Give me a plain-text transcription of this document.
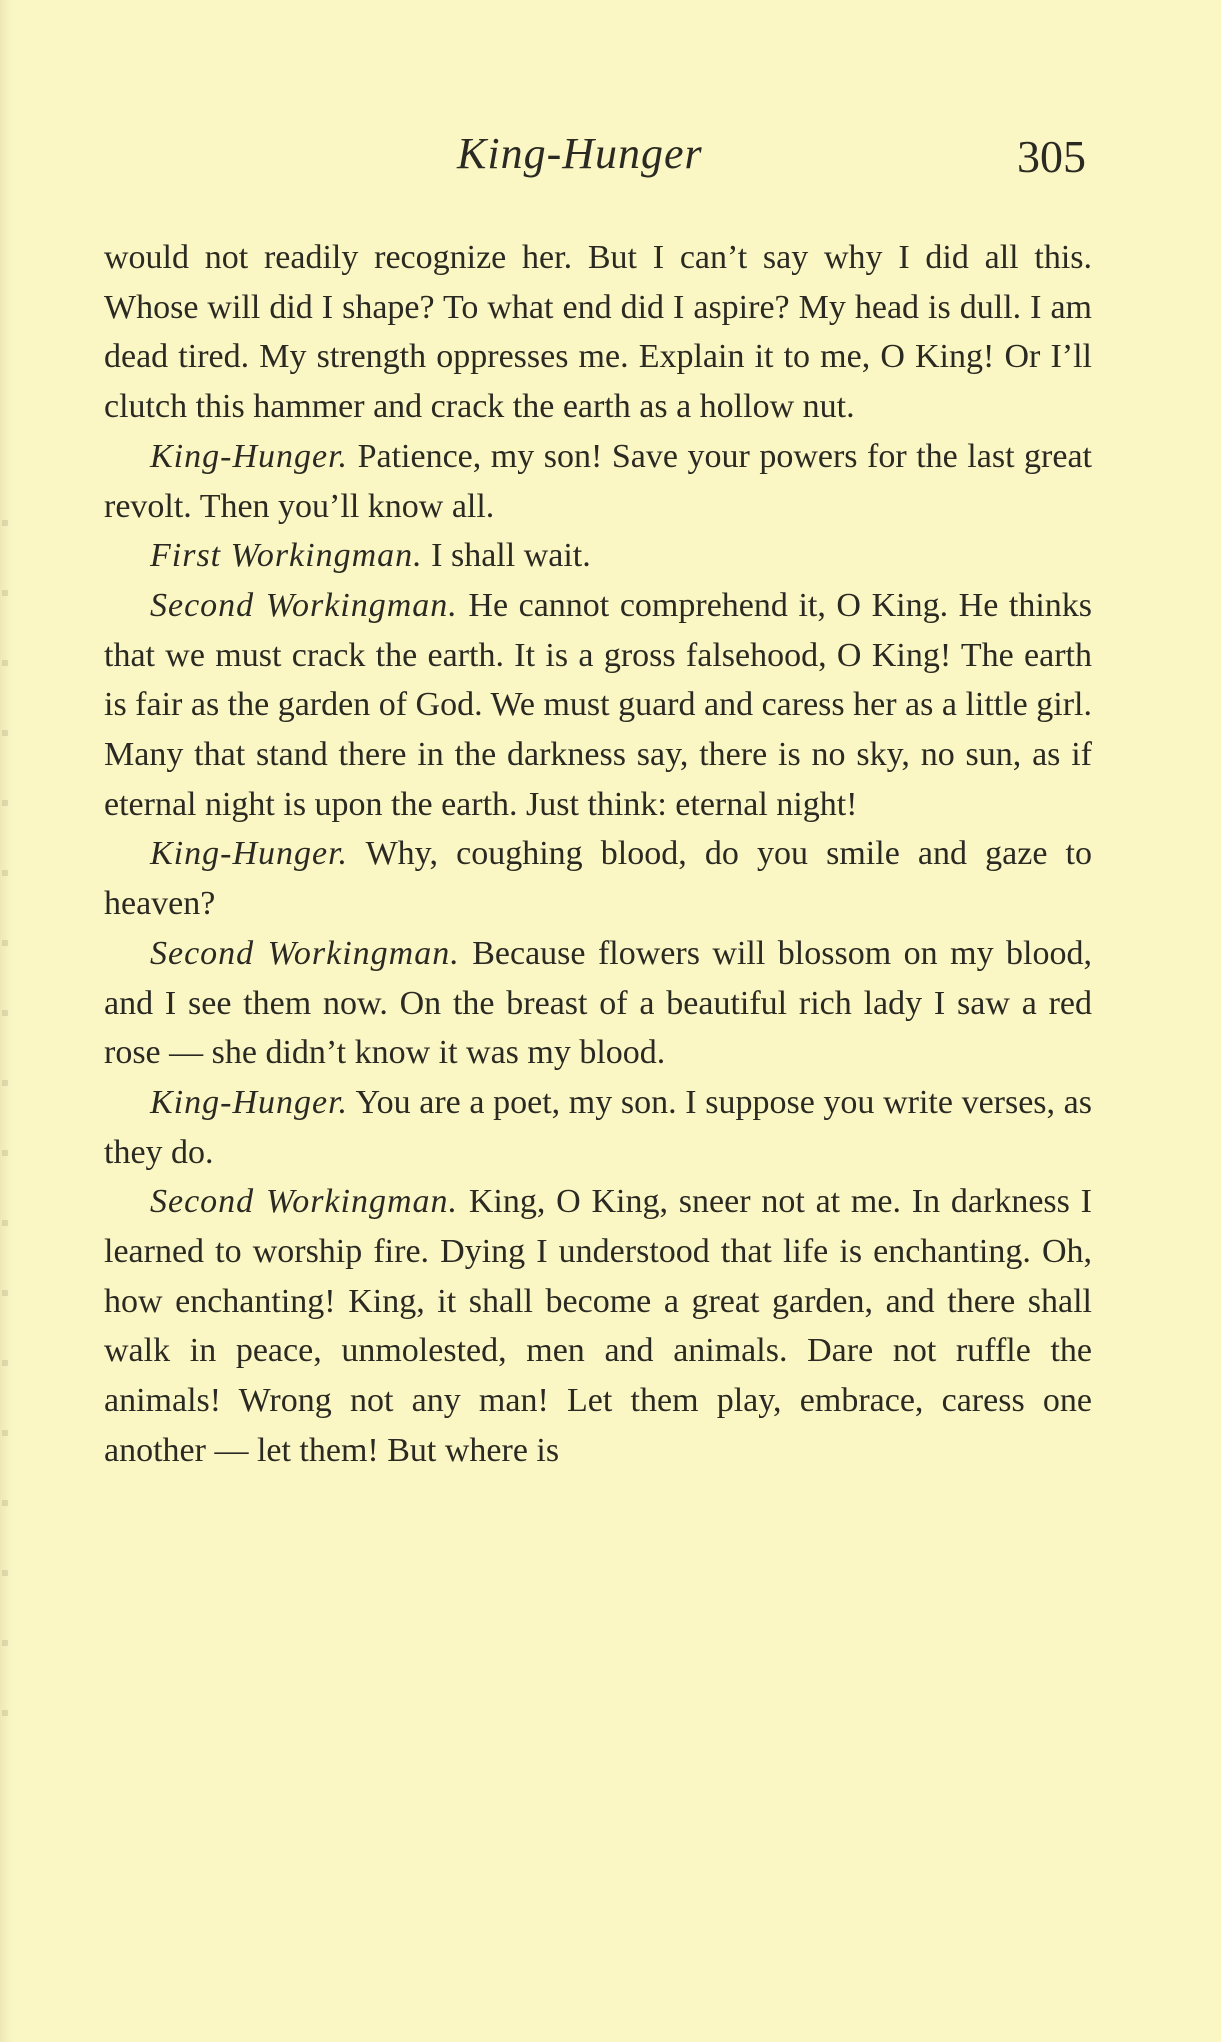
King-Hunger	305

would not readily recognize her. But I can’t say why I did all this. Whose will did I shape? To what end did I aspire? My head is dull. I am dead tired. My strength oppresses me. Explain it to me, O King! Or I’ll clutch this hammer and crack the earth as a hollow nut.

King-Hunger. Patience, my son! Save your powers for the last great revolt. Then you’ll know all.

First Workingman. I shall wait.

Second Workingman. He cannot comprehend it, O King. He thinks that we must crack the earth. It is a gross falsehood, O King! The earth is fair as the garden of God. We must guard and caress her as a little girl. Many that stand there in the darkness say, there is no sky, no sun, as if eternal night is upon the earth. Just think: eternal night!

King-Hunger. Why, coughing blood, do you smile and gaze to heaven?

Second Workingman. Because flowers will blossom on my blood, and I see them now. On the breast of a beautiful rich lady I saw a red rose — she didn’t know it was my blood.

King-Hunger. You are a poet, my son. I suppose you write verses, as they do.

Second Workingman. King, O King, sneer not at me. In darkness I learned to worship fire. Dying I understood that life is enchanting. Oh, how enchanting! King, it shall become a great garden, and there shall walk in peace, unmolested, men and animals. Dare not ruffle the animals! Wrong not any man! Let them play, embrace, caress one another — let them! But where is
